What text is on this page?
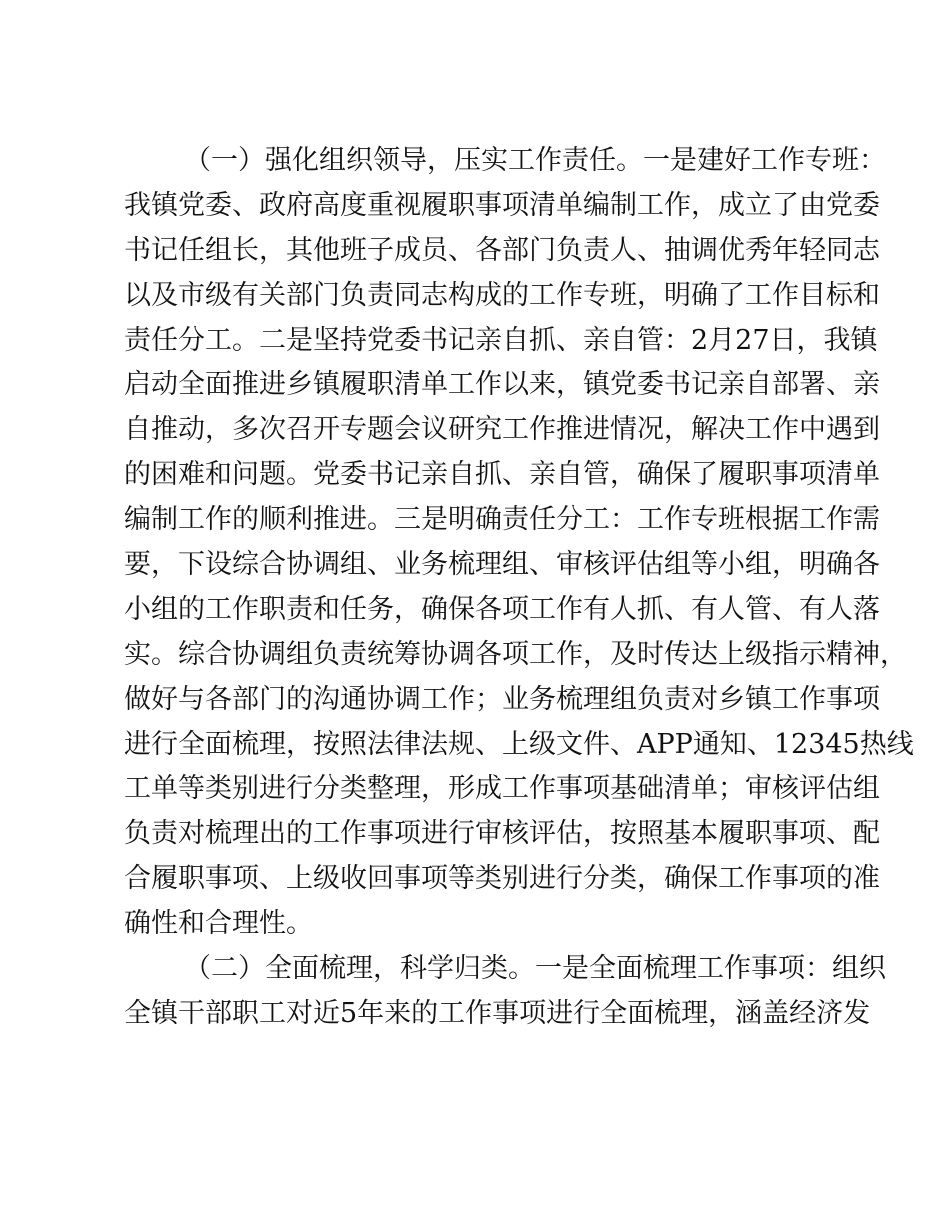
（一）强化组织领导，压实工作责任。一是建好工作专班：
我镇党委、政府高度重视履职事项清单编制工作，成立了由党委
书记任组长，其他班子成员、各部门负责人、抽调优秀年轻同志
以及市级有关部门负责同志构成的工作专班，明确了工作目标和
责任分工。二是坚持党委书记亲自抓、亲自管：2月27日，我镇
启动全面推进乡镇履职清单工作以来，镇党委书记亲自部署、亲
自推动，多次召开专题会议研究工作推进情况，解决工作中遇到
的困难和问题。党委书记亲自抓、亲自管，确保了履职事项清单
编制工作的顺利推进。三是明确责任分工：工作专班根据工作需
要，下设综合协调组、业务梳理组、审核评估组等小组，明确各
小组的工作职责和任务，确保各项工作有人抓、有人管、有人落
实。综合协调组负责统筹协调各项工作，及时传达上级指示精神，
做好与各部门的沟通协调工作；业务梳理组负责对乡镇工作事项
进行全面梳理，按照法律法规、上级文件、APP通知、12345热线
工单等类别进行分类整理，形成工作事项基础清单；审核评估组
负责对梳理出的工作事项进行审核评估，按照基本履职事项、配
合履职事项、上级收回事项等类别进行分类，确保工作事项的准
确性和合理性。
（二）全面梳理，科学归类。一是全面梳理工作事项：组织
全镇干部职工对近5年来的工作事项进行全面梳理，涵盖经济发
